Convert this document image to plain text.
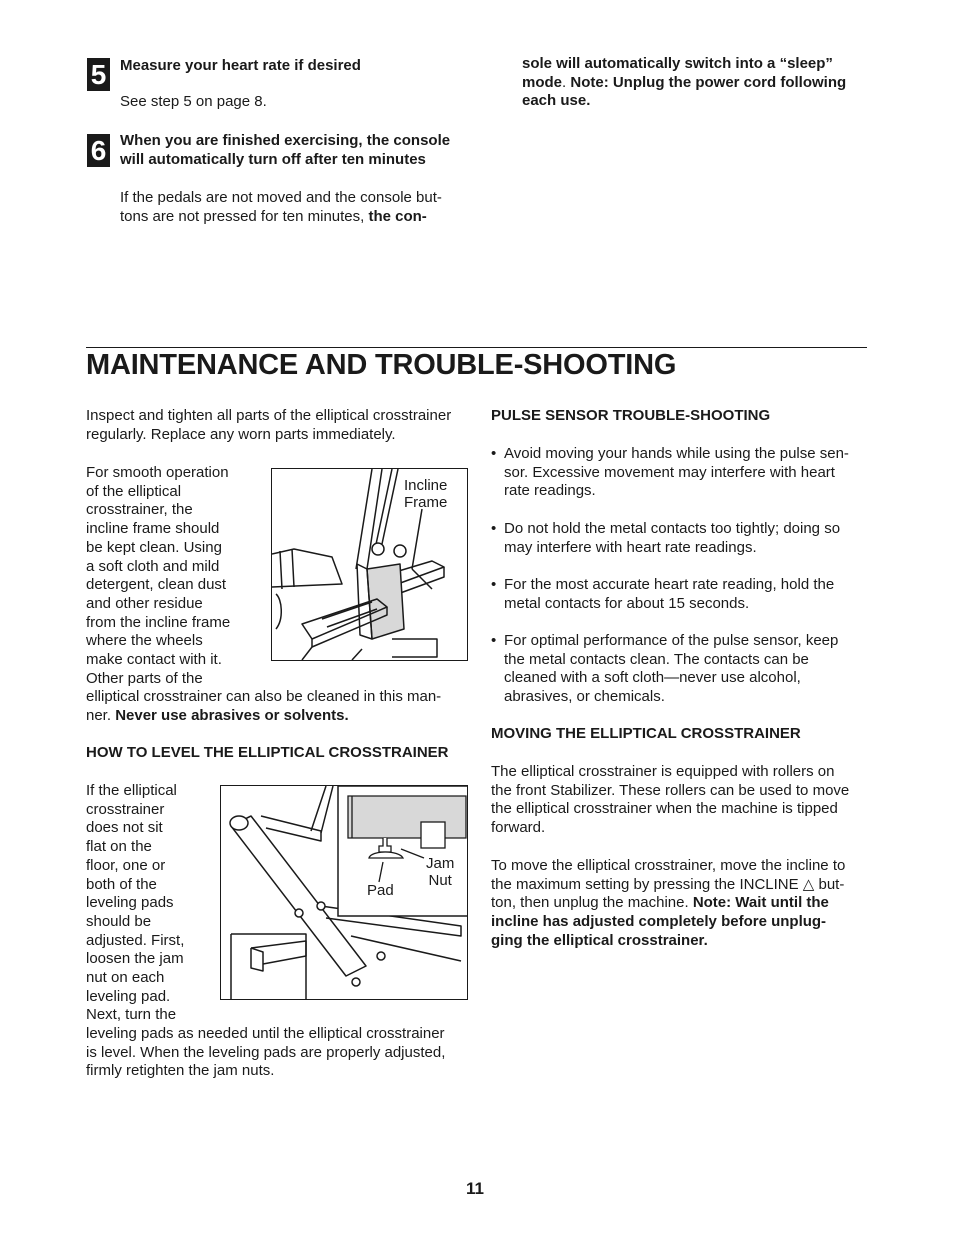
5 Measure your heart rate if desired
See step 5 on page 8.
6 When you are finished exercising, the console
will automatically turn off after ten minutes
If the pedals are not moved and the console but-
tons are not pressed for ten minutes, the con-
sole will automatically switch into a “sleep”
mode. Note: Unplug the power cord following
each use.
MAINTENANCE AND TROUBLE-SHOOTING
Inspect and tighten all parts of the elliptical crosstrainer
regularly. Replace any worn parts immediately.
For smooth operation
of the elliptical
crosstrainer, the
incline frame should
be kept clean. Using
a soft cloth and mild
detergent, clean dust
and other residue
from the incline frame
where the wheels
make contact with it.
Other parts of the
elliptical crosstrainer can also be cleaned in this man-
ner. Never use abrasives or solvents.
Incline
Frame
HOW TO LEVEL THE ELLIPTICAL CROSSTRAINER
If the elliptical
crosstrainer
does not sit
flat on the
floor, one or
both of the
leveling pads
should be
adjusted. First,
loosen the jam
nut on each
leveling pad.
Next, turn the
leveling pads as needed until the elliptical crosstrainer
is level. When the leveling pads are properly adjusted,
firmly retighten the jam nuts.
Jam
Nut
Pad
PULSE SENSOR TROUBLE-SHOOTING
• Avoid moving your hands while using the pulse sen-
sor. Excessive movement may interfere with heart
rate readings.
• Do not hold the metal contacts too tightly; doing so
may interfere with heart rate readings.
• For the most accurate heart rate reading, hold the
metal contacts for about 15 seconds.
• For optimal performance of the pulse sensor, keep
the metal contacts clean. The contacts can be
cleaned with a soft cloth—never use alcohol,
abrasives, or chemicals.
MOVING THE ELLIPTICAL CROSSTRAINER
The elliptical crosstrainer is equipped with rollers on
the front Stabilizer. These rollers can be used to move
the elliptical crosstrainer when the machine is tipped
forward.
To move the elliptical crosstrainer, move the incline to
the maximum setting by pressing the INCLINE △ but-
ton, then unplug the machine. Note: Wait until the
incline has adjusted completely before unplug-
ging the elliptical crosstrainer.
11
